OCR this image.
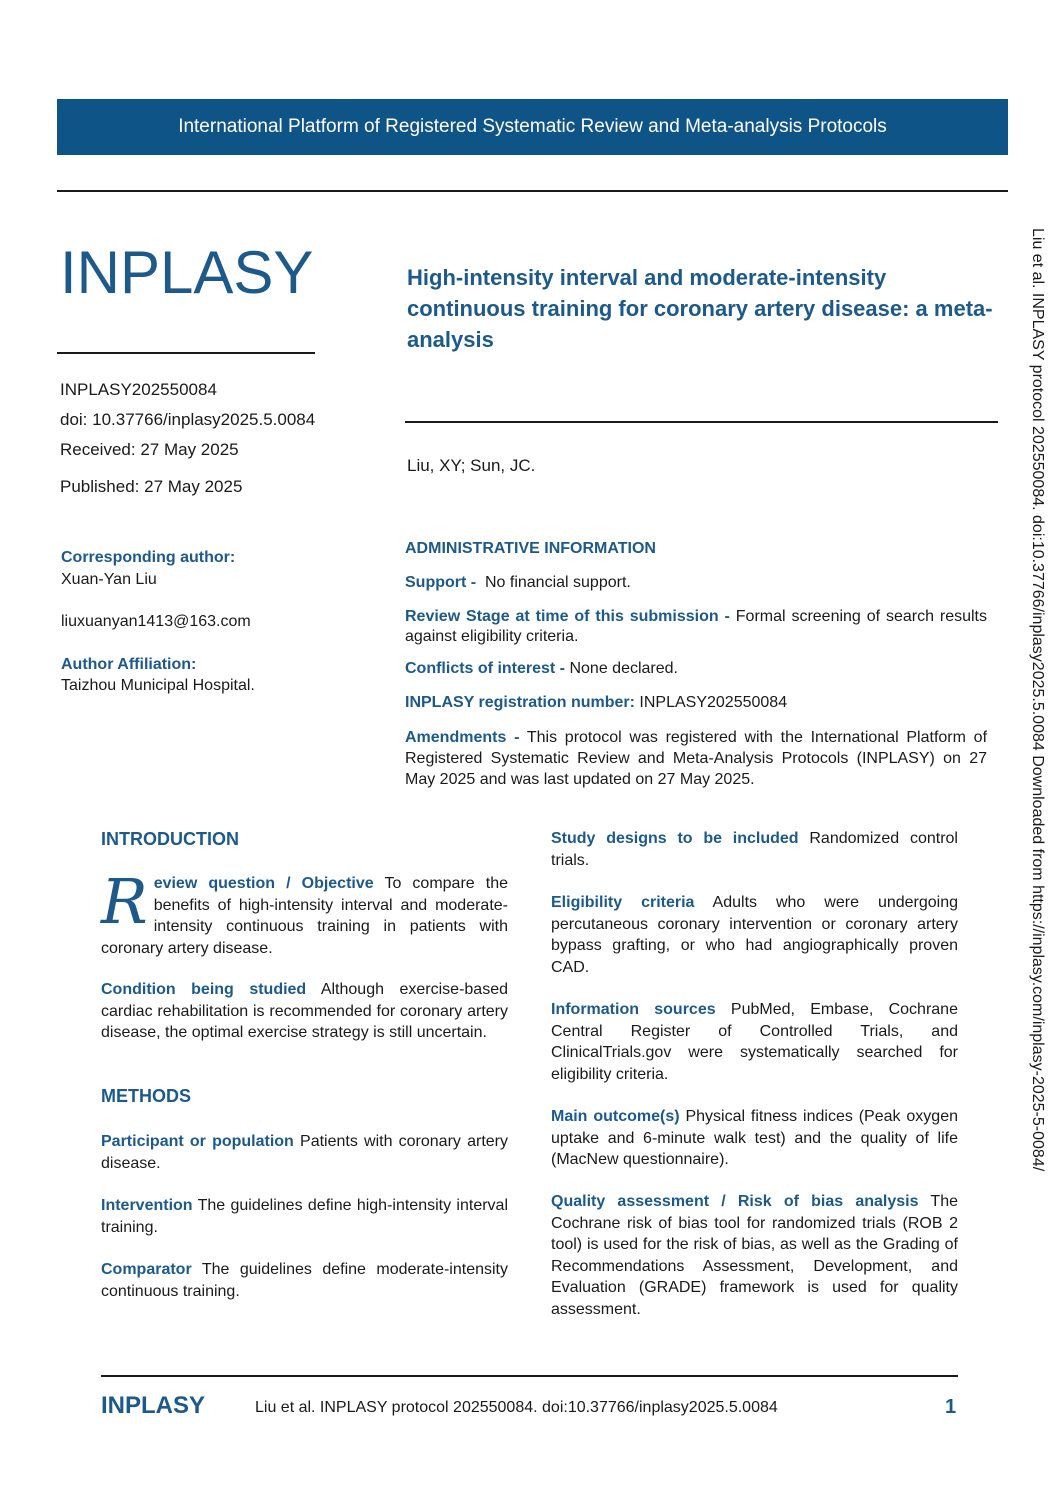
International Platform of Registered Systematic Review and Meta-analysis Protocols
INPLASY	High-intensity interval and moderate-intensity continuous training for coronary artery disease: a meta-analysis
INPLASY202550084
doi: 10.37766/inplasy2025.5.0084
Received: 27 May 2025
Published: 27 May 2025
Corresponding author:
Xuan-Yan Liu
liuxuanyan1413@163.com
Author Affiliation:
Taizhou Municipal Hospital.
Liu, XY; Sun, JC.
ADMINISTRATIVE INFORMATION
Support - No financial support.
Review Stage at time of this submission - Formal screening of search results against eligibility criteria.
Conflicts of interest - None declared.
INPLASY registration number: INPLASY202550084
Amendments - This protocol was registered with the International Platform of Registered Systematic Review and Meta-Analysis Protocols (INPLASY) on 27 May 2025 and was last updated on 27 May 2025.
INTRODUCTION
Review question / Objective To compare the benefits of high-intensity interval and moderate-intensity continuous training in patients with coronary artery disease.
Condition being studied Although exercise-based cardiac rehabilitation is recommended for coronary artery disease, the optimal exercise strategy is still uncertain.
METHODS
Participant or population Patients with coronary artery disease.
Intervention The guidelines define high-intensity interval training.
Comparator The guidelines define moderate-intensity continuous training.
Study designs to be included Randomized control trials.
Eligibility criteria Adults who were undergoing percutaneous coronary intervention or coronary artery bypass grafting, or who had angiographically proven CAD.
Information sources PubMed, Embase, Cochrane Central Register of Controlled Trials, and ClinicalTrials.gov were systematically searched for eligibility criteria.
Main outcome(s) Physical fitness indices (Peak oxygen uptake and 6-minute walk test) and the quality of life (MacNew questionnaire).
Quality assessment / Risk of bias analysis The Cochrane risk of bias tool for randomized trials (ROB 2 tool) is used for the risk of bias, as well as the Grading of Recommendations Assessment, Development, and Evaluation (GRADE) framework is used for quality assessment.
Liu et al. INPLASY protocol 202550084. doi:10.37766/inplasy2025.5.0084 Downloaded from https://inplasy.com/inplasy-2025-5-0084/
INPLASY	Liu et al. INPLASY protocol 202550084. doi:10.37766/inplasy2025.5.0084	1
